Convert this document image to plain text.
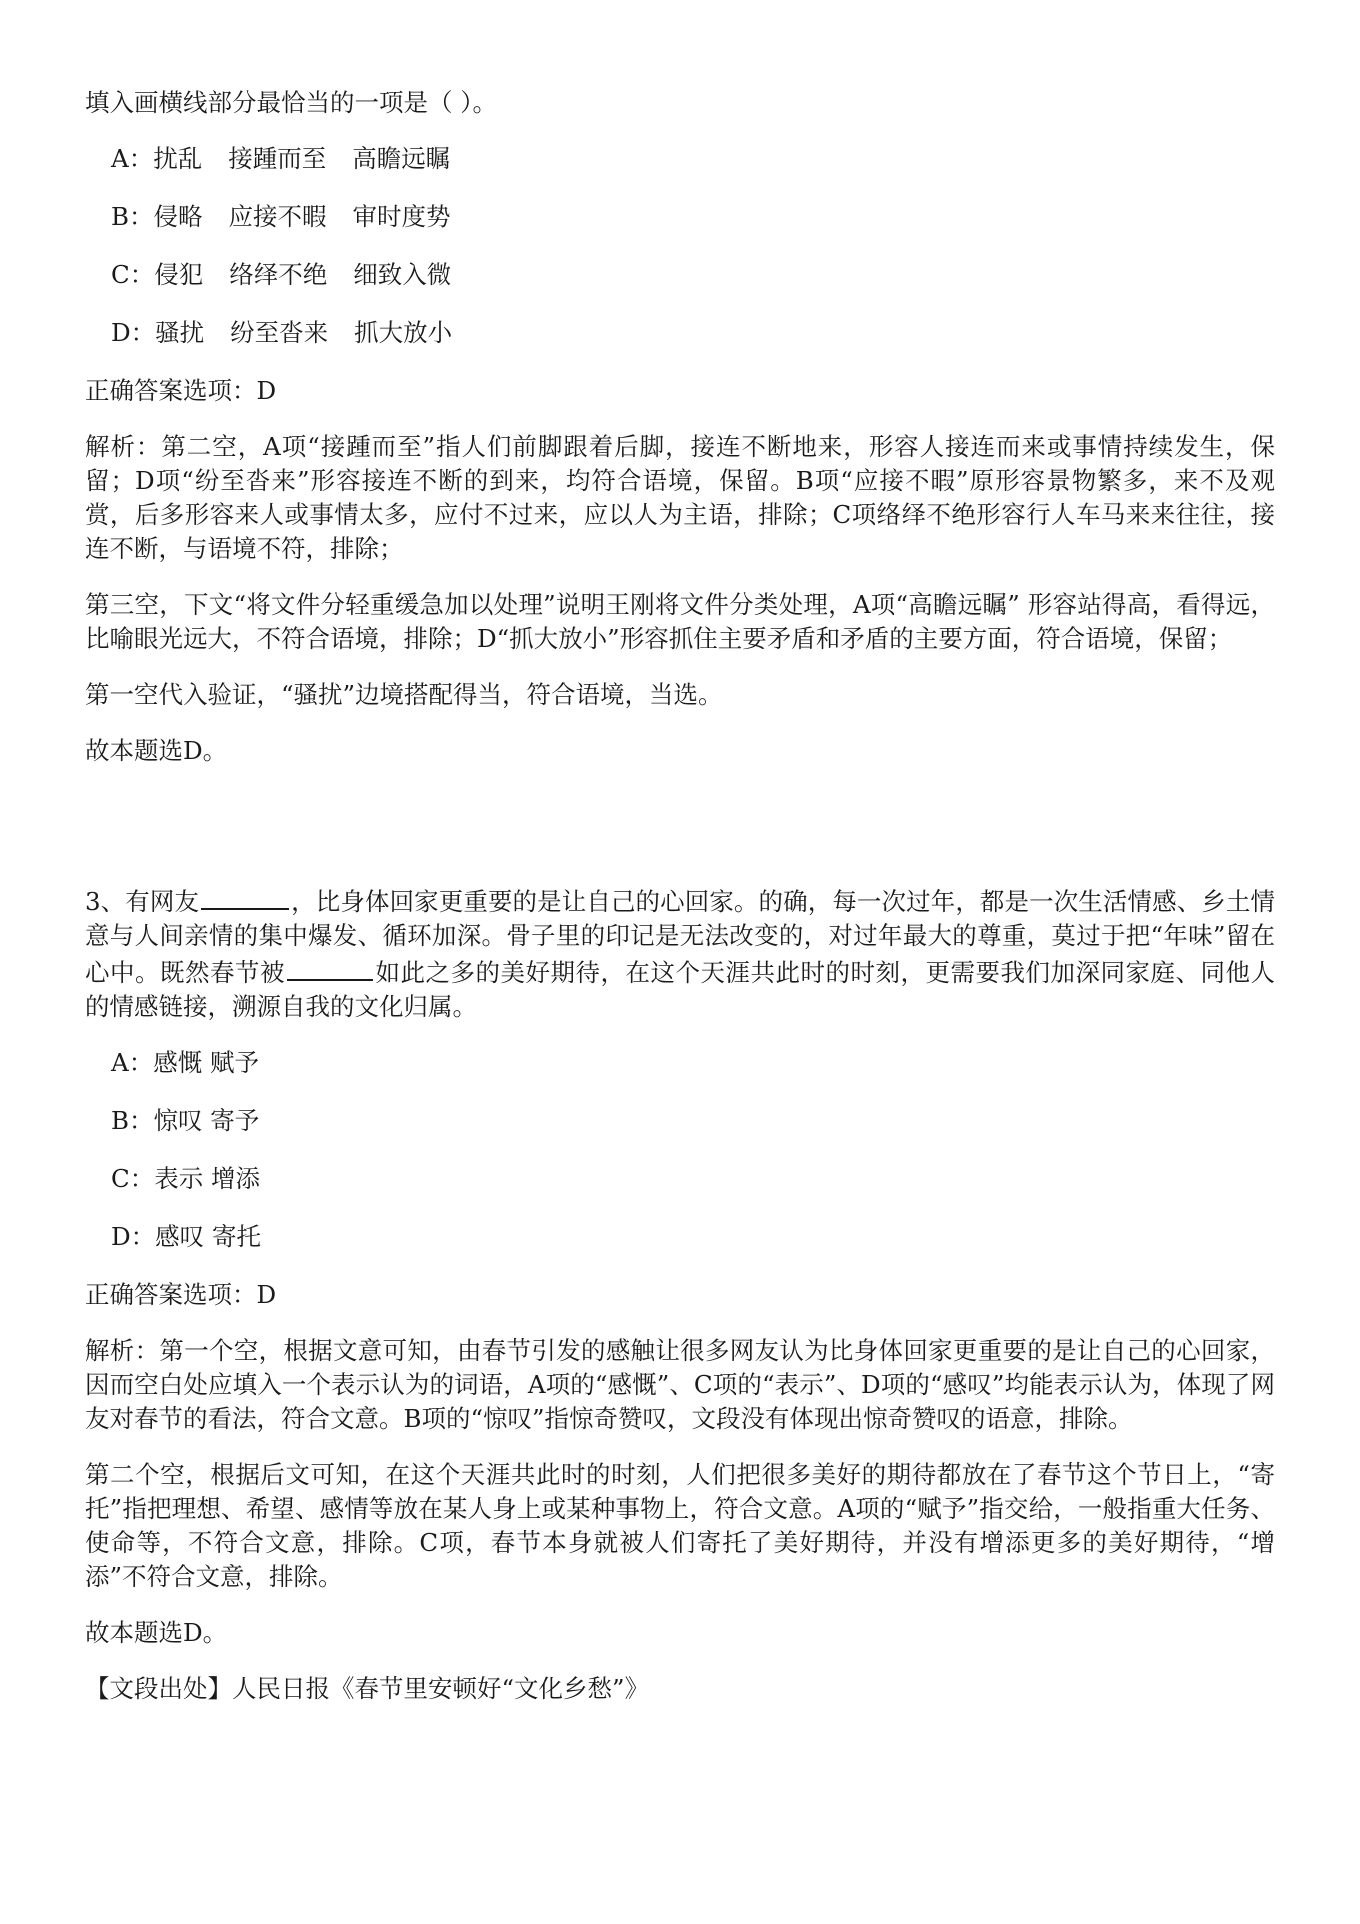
填入画横线部分最恰当的一项是（ ）。

A：扰乱 接踵而至 高瞻远瞩

B：侵略 应接不暇 审时度势

C：侵犯 络绎不绝 细致入微

D：骚扰 纷至沓来 抓大放小

正确答案选项：D

解析：第二空，A项“接踵而至”指人们前脚跟着后脚，接连不断地来，形容人接连而来或事情持续发生，保留；D项“纷至沓来”形容接连不断的到来，均符合语境，保留。B项“应接不暇”原形容景物繁多，来不及观赏，后多形容来人或事情太多，应付不过来，应以人为主语，排除；C项络绎不绝形容行人车马来来往往，接连不断，与语境不符，排除；

第三空，下文“将文件分轻重缓急加以处理”说明王刚将文件分类处理，A项“高瞻远瞩” 形容站得高，看得远，比喻眼光远大，不符合语境，排除；D“抓大放小”形容抓住主要矛盾和矛盾的主要方面，符合语境，保留；

第一空代入验证，“骚扰”边境搭配得当，符合语境，当选。

故本题选D。

3、有网友	，比身体回家更重要的是让自己的心回家。的确，每一次过年，都是一次生活情感、乡土情意与人间亲情的集中爆发、循环加深。骨子里的印记是无法改变的，对过年最大的尊重，莫过于把“年味”留在心中。既然春节被	如此之多的美好期待，在这个天涯共此时的时刻，更需要我们加深同家庭、同他人的情感链接，溯源自我的文化归属。

A：感慨 赋予

B：惊叹 寄予

C：表示 增添

D：感叹 寄托

正确答案选项：D

解析：第一个空，根据文意可知，由春节引发的感触让很多网友认为比身体回家更重要的是让自己的心回家，因而空白处应填入一个表示认为的词语，A项的“感慨”、C项的“表示”、D项的“感叹”均能表示认为，体现了网友对春节的看法，符合文意。B项的“惊叹”指惊奇赞叹，文段没有体现出惊奇赞叹的语意，排除。

第二个空，根据后文可知，在这个天涯共此时的时刻，人们把很多美好的期待都放在了春节这个节日上，“寄托”指把理想、希望、感情等放在某人身上或某种事物上，符合文意。A项的“赋予”指交给，一般指重大任务、使命等，不符合文意，排除。C项，春节本身就被人们寄托了美好期待，并没有增添更多的美好期待，“增添”不符合文意，排除。

故本题选D。

【文段出处】人民日报《春节里安顿好“文化乡愁”》
